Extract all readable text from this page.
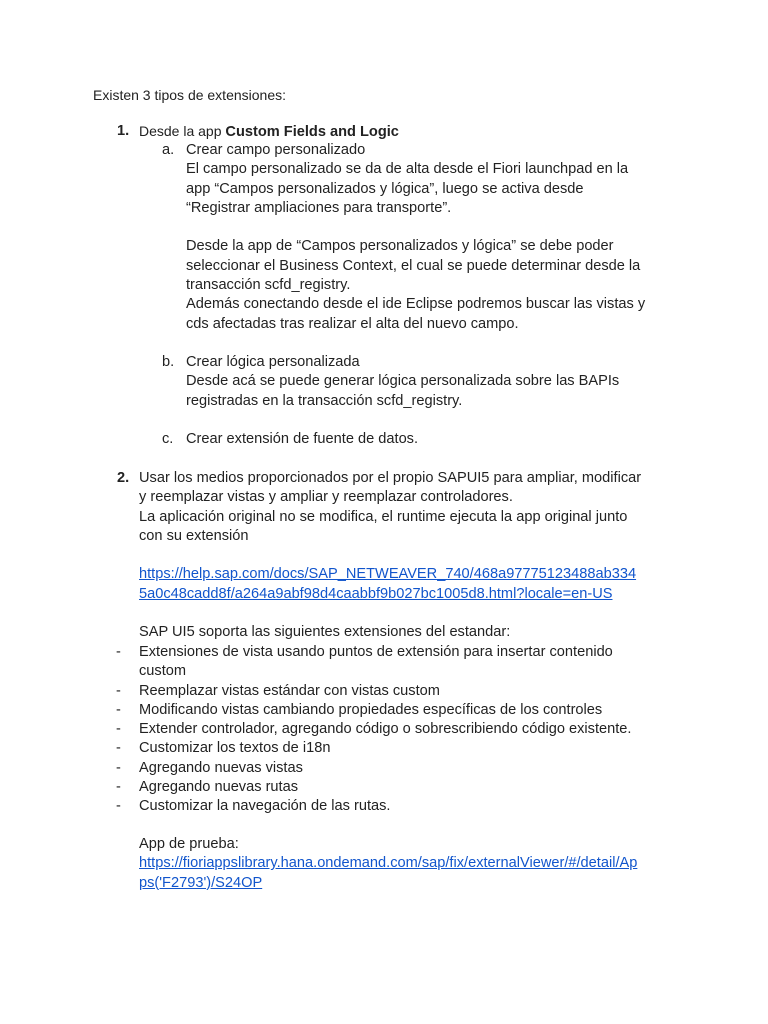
Existen 3 tipos de extensiones:

1. Desde la app Custom Fields and Logic
a. Crear campo personalizado

El campo personalizado se da de alta desde el Fiori launchpad en la

app “Campos personalizados y lógica”, luego se activa desde

“Registrar ampliaciones para transporte”.

Desde la app de “Campos personalizados y lógica” se debe poder

seleccionar el Business Context, el cual se puede determinar desde la

transacción scfd_registry.

Además conectando desde el ide Eclipse podremos buscar las vistas y

cds afectadas tras realizar el alta del nuevo campo.

b. Crear lógica personalizada

Desde acá se puede generar lógica personalizada sobre las BAPIs

registradas en la transacción scfd_registry.

c. Crear extensión de fuente de datos.

2. Usar los medios proporcionados por el propio SAPUI5 para ampliar, modificar

y reemplazar vistas y ampliar y reemplazar controladores.

La aplicación original no se modifica, el runtime ejecuta la app original junto

con su extensión

https://help.sap.com/docs/SAP_NETWEAVER_740/468a97775123488ab334

5a0c48cadd8f/a264a9abf98d4caabbf9b027bc1005d8.html?locale=en-US

SAP UI5 soporta las siguientes extensiones del estandar:

- Extensiones de vista usando puntos de extensión para insertar contenido

custom

- Reemplazar vistas estándar con vistas custom

- Modificando vistas cambiando propiedades específicas de los controles

- Extender controlador, agregando código o sobrescribiendo código existente.

- Customizar los textos de i18n

- Agregando nuevas vistas

- Agregando nuevas rutas

- Customizar la navegación de las rutas.

App de prueba:

https://fioriappslibrary.hana.ondemand.com/sap/fix/externalViewer/#/detail/Ap

ps('F2793')/S24OP
